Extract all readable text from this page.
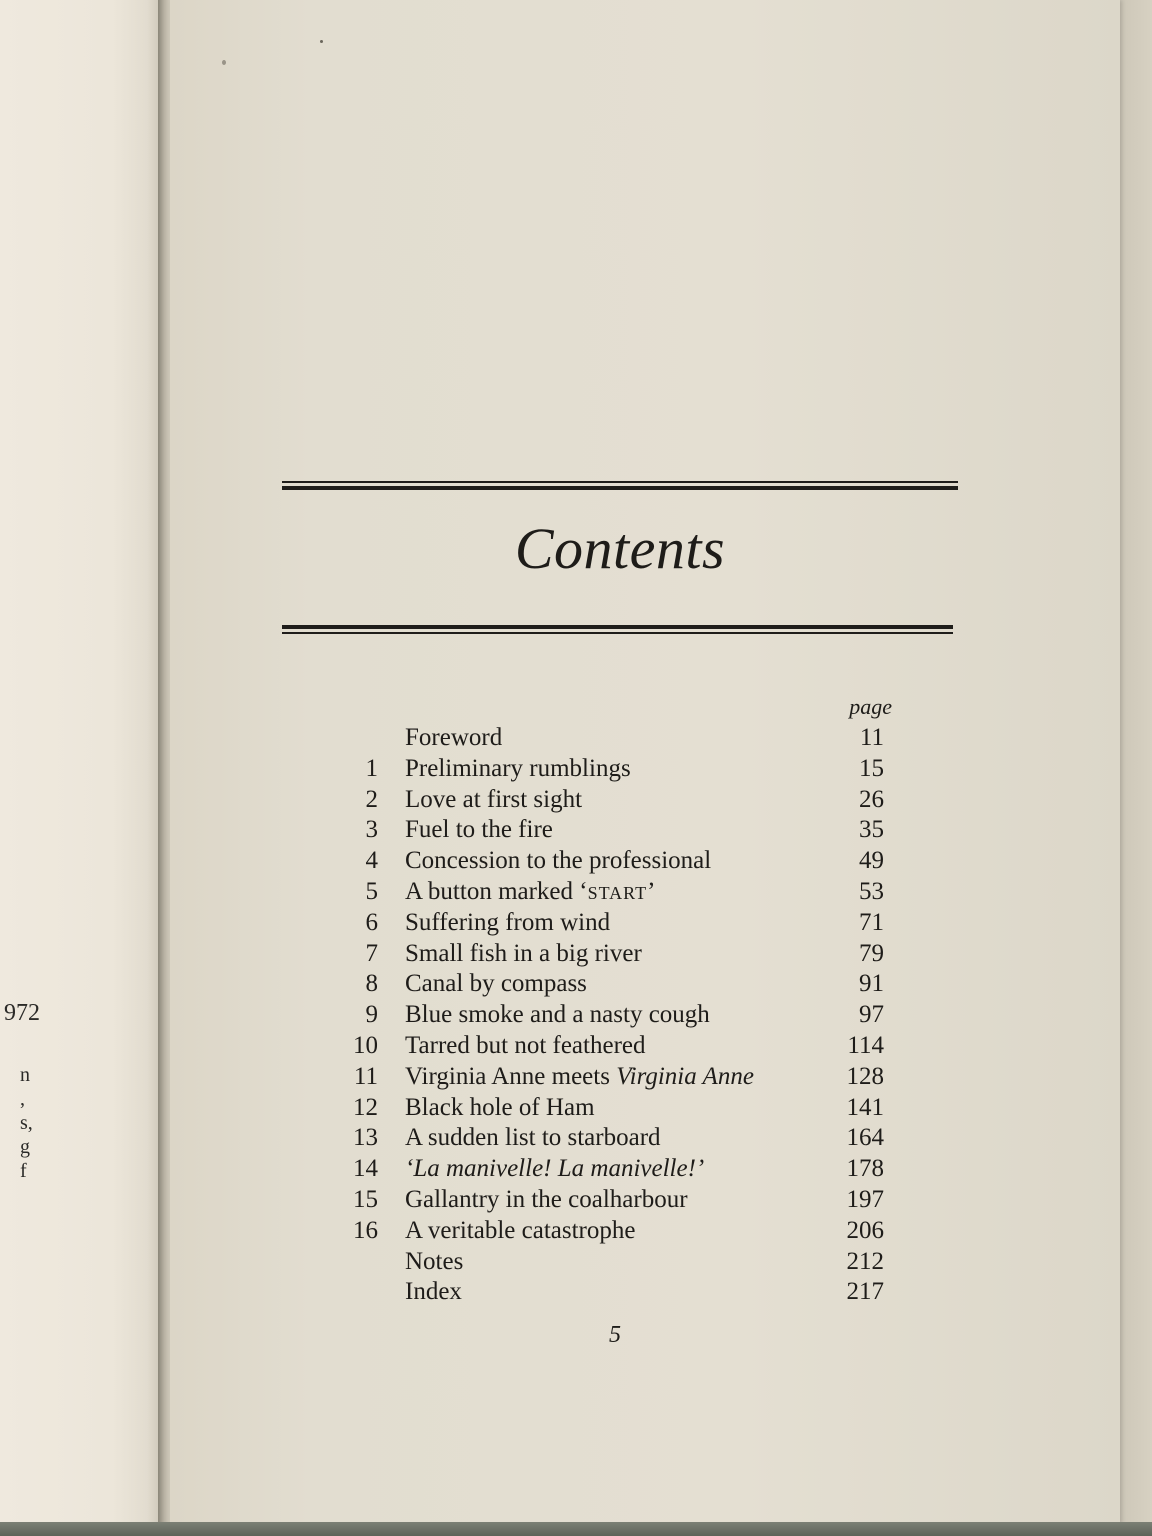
972
n
,
s,
g
f
Contents
page
Foreword	11
1 Preliminary rumblings	15
2 Love at first sight	26
3 Fuel to the fire	35
4 Concession to the professional	49
5 A button marked ‘start’	53
6 Suffering from wind	71
7 Small fish in a big river	79
8 Canal by compass	91
9 Blue smoke and a nasty cough	97
10 Tarred but not feathered	114
11 Virginia Anne meets Virginia Anne	128
12 Black hole of Ham	141
13 A sudden list to starboard	164
14 ‘La manivelle! La manivelle!’	178
15 Gallantry in the coalharbour	197
16 A veritable catastrophe	206
Notes	212
Index	217
5
